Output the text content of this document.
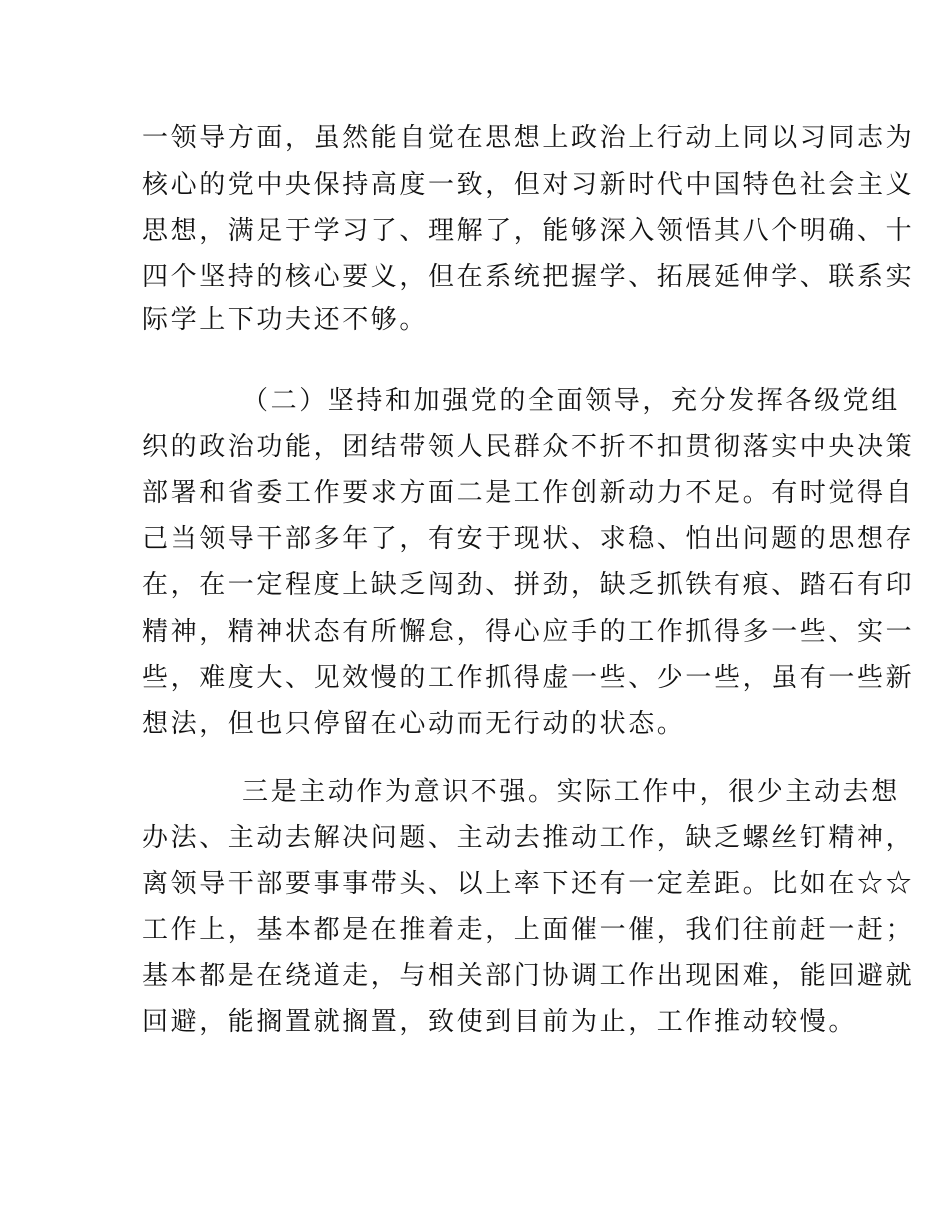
一领导方面，虽然能自觉在思想上政治上行动上同以习同志为
核心的党中央保持高度一致，但对习新时代中国特色社会主义
思想，满足于学习了、理解了，能够深入领悟其八个明确、十
四个坚持的核心要义，但在系统把握学、拓展延伸学、联系实
际学上下功夫还不够。
（二）坚持和加强党的全面领导，充分发挥各级党组
织的政治功能，团结带领人民群众不折不扣贯彻落实中央决策
部署和省委工作要求方面二是工作创新动力不足。有时觉得自
己当领导干部多年了，有安于现状、求稳、怕出问题的思想存
在，在一定程度上缺乏闯劲、拼劲，缺乏抓铁有痕、踏石有印
精神，精神状态有所懈怠，得心应手的工作抓得多一些、实一
些，难度大、见效慢的工作抓得虚一些、少一些，虽有一些新
想法，但也只停留在心动而无行动的状态。
三是主动作为意识不强。实际工作中，很少主动去想
办法、主动去解决问题、主动去推动工作，缺乏螺丝钉精神，
离领导干部要事事带头、以上率下还有一定差距。比如在☆☆
工作上，基本都是在推着走，上面催一催，我们往前赶一赶；
基本都是在绕道走，与相关部门协调工作出现困难，能回避就
回避，能搁置就搁置，致使到目前为止，工作推动较慢。
